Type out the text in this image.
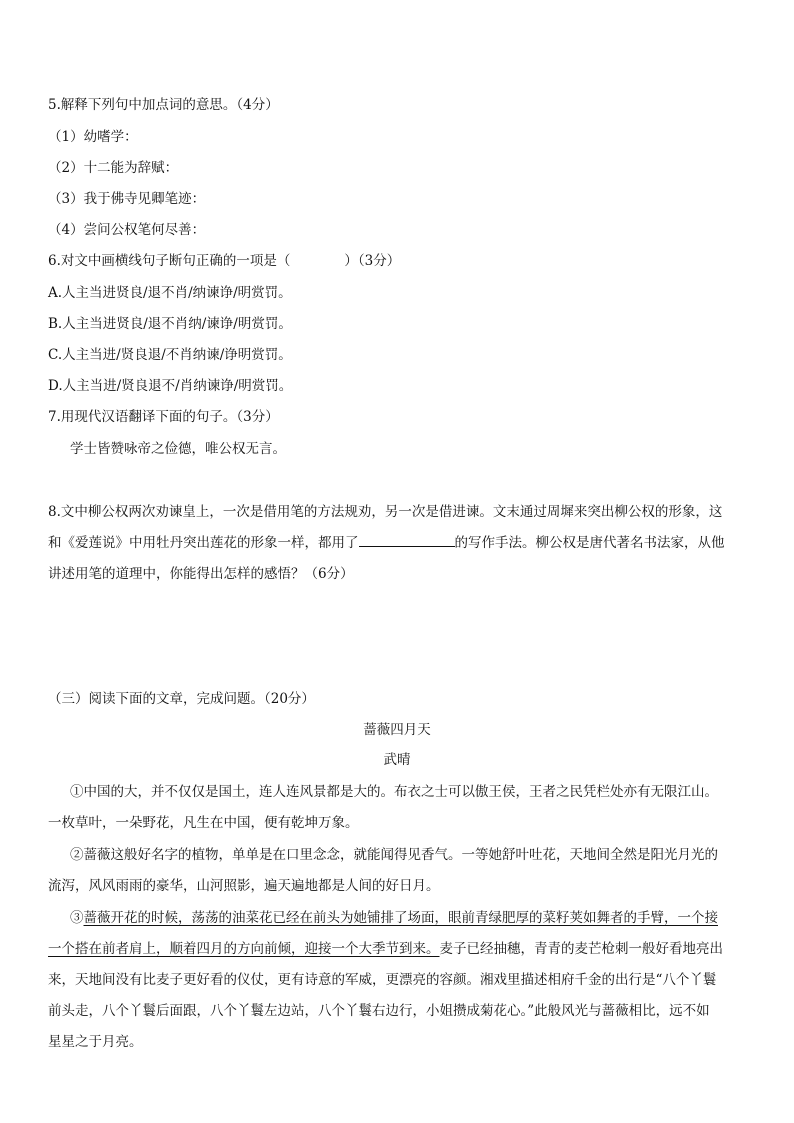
5.解释下列句中加点词的意思。（4分）
（1）幼嗜学：
（2）十二能为辞赋：
（3）我于佛寺见卿笔迹：
（4）尝问公权笔何尽善：
6.对文中画横线句子断句正确的一项是（　　　　）（3分）
A.人主当进贤良/退不肖/纳谏诤/明赏罚。
B.人主当进贤良/退不肖纳/谏诤/明赏罚。
C.人主当进/贤良退/不肖纳谏/诤明赏罚。
D.人主当进/贤良退不/肖纳谏诤/明赏罚。
7.用现代汉语翻译下面的句子。（3分）
学士皆赞咏帝之俭德，唯公权无言。
8.文中柳公权两次劝谏皇上，一次是借用笔的方法规劝，另一次是借进谏。文末通过周墀来突出柳公权的形象，这
和《爱莲说》中用牡丹突出莲花的形象一样，都用了	的写作手法。柳公权是唐代著名书法家，从他
讲述用笔的道理中，你能得出怎样的感悟？（6分）
（三）阅读下面的文章，完成问题。（20分）
蔷薇四月天
武晴
①中国的大，并不仅仅是国土，连人连风景都是大的。布衣之士可以傲王侯，王者之民凭栏处亦有无限江山。
一枚草叶，一朵野花，凡生在中国，便有乾坤万象。
②蔷薇这般好名字的植物，单单是在口里念念，就能闻得见香气。一等她舒叶吐花，天地间全然是阳光月光的
流泻，风风雨雨的豪华，山河照影，遍天遍地都是人间的好日月。
③蔷薇开花的时候，荡荡的油菜花已经在前头为她铺排了场面，眼前青绿肥厚的菜籽荚如舞者的手臂，一个接
一个搭在前者肩上，顺着四月的方向前倾，迎接一个大季节到来。麦子已经抽穗，青青的麦芒枪刺一般好看地亮出
来，天地间没有比麦子更好看的仪仗，更有诗意的军威，更漂亮的容颜。湘戏里描述相府千金的出行是“八个丫鬟
前头走，八个丫鬟后面跟，八个丫鬟左边站，八个丫鬟右边行，小姐攒成菊花心。”此般风光与蔷薇相比，远不如
星星之于月亮。
